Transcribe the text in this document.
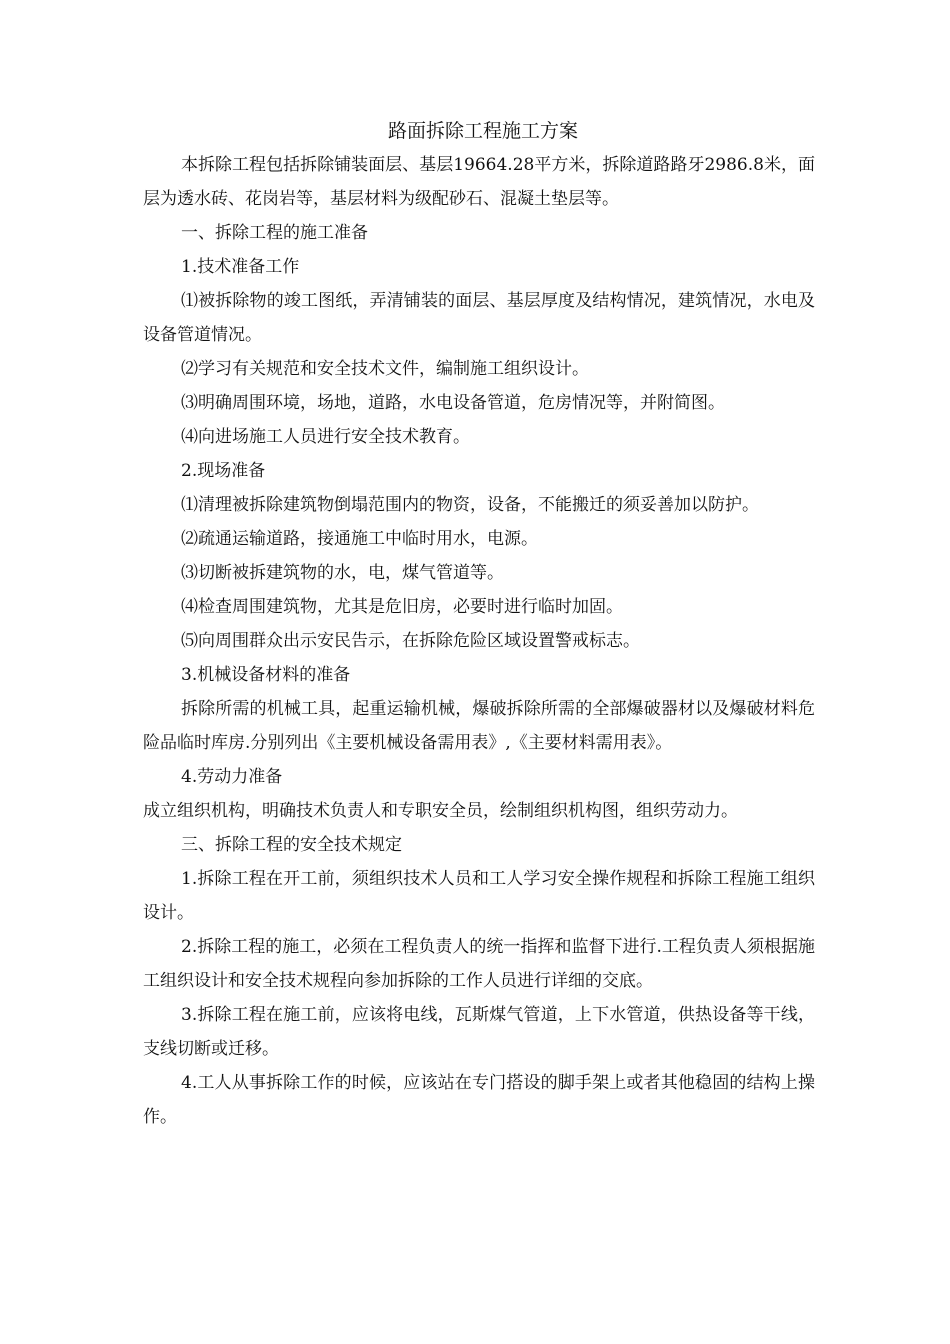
路面拆除工程施工方案

本拆除工程包括拆除铺装面层、基层19664.28平方米，拆除道路路牙2986.8米，面层为透水砖、花岗岩等，基层材料为级配砂石、混凝土垫层等。

一、拆除工程的施工准备

1.技术准备工作

⑴被拆除物的竣工图纸，弄清铺装的面层、基层厚度及结构情况，建筑情况，水电及设备管道情况。

⑵学习有关规范和安全技术文件，编制施工组织设计。

⑶明确周围环境，场地，道路，水电设备管道，危房情况等，并附简图。

⑷向进场施工人员进行安全技术教育。

2.现场准备

⑴清理被拆除建筑物倒塌范围内的物资，设备，不能搬迁的须妥善加以防护。

⑵疏通运输道路，接通施工中临时用水，电源。

⑶切断被拆建筑物的水，电，煤气管道等。

⑷检查周围建筑物，尤其是危旧房，必要时进行临时加固。

⑸向周围群众出示安民告示，在拆除危险区域设置警戒标志。

3.机械设备材料的准备

拆除所需的机械工具，起重运输机械，爆破拆除所需的全部爆破器材以及爆破材料危险品临时库房.分别列出《主要机械设备需用表》,《主要材料需用表》。

4.劳动力准备

成立组织机构，明确技术负责人和专职安全员，绘制组织机构图，组织劳动力。

三、拆除工程的安全技术规定

1.拆除工程在开工前，须组织技术人员和工人学习安全操作规程和拆除工程施工组织设计。

2.拆除工程的施工，必须在工程负责人的统一指挥和监督下进行.工程负责人须根据施工组织设计和安全技术规程向参加拆除的工作人员进行详细的交底。

3.拆除工程在施工前，应该将电线，瓦斯煤气管道，上下水管道，供热设备等干线，支线切断或迁移。

4.工人从事拆除工作的时候，应该站在专门搭设的脚手架上或者其他稳固的结构上操作。
